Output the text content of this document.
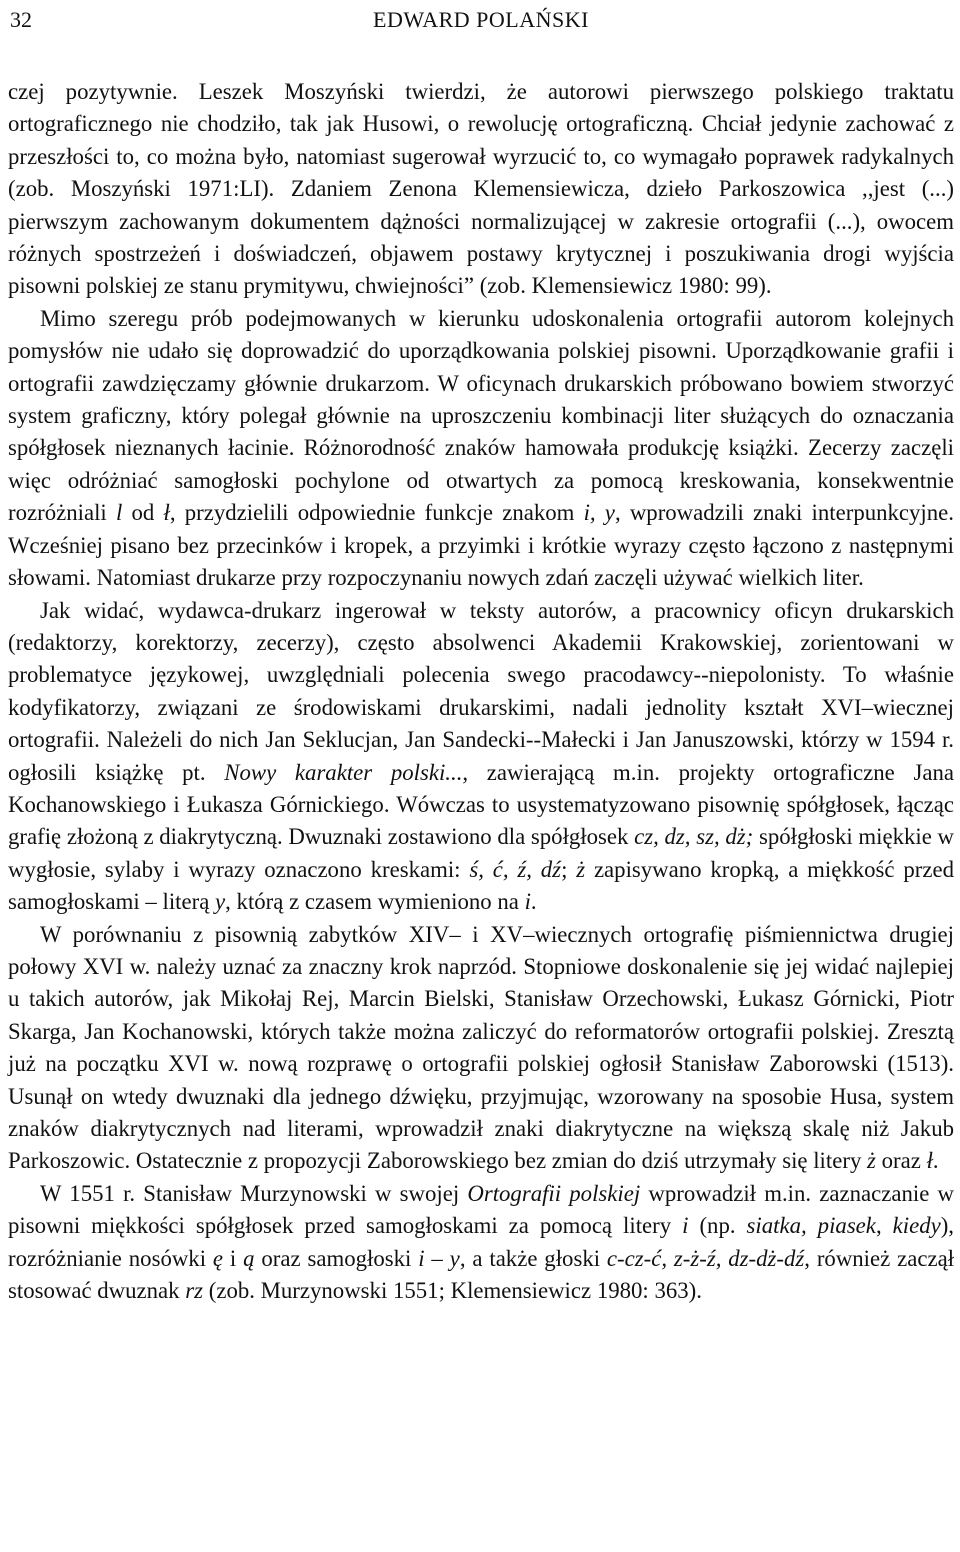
32	EDWARD POLAŃSKI

czej pozytywnie. Leszek Moszyński twierdzi, że autorowi pierwszego polskiego traktatu ortograficznego nie chodziło, tak jak Husowi, o rewolucję ortograficzną. Chciał jedynie zachować z przeszłości to, co można było, natomiast sugerował wyrzucić to, co wymagało poprawek radykalnych (zob. Moszyński 1971:LI). Zdaniem Zenona Klemensiewicza, dzieło Parkoszowica ,,jest (...) pierwszym zachowanym dokumentem dążności normalizującej w zakresie ortografii (...), owocem różnych spostrzeżeń i doświadczeń, objawem postawy krytycznej i poszukiwania drogi wyjścia pisowni polskiej ze stanu prymitywu, chwiejności” (zob. Klemensiewicz 1980: 99).

Mimo szeregu prób podejmowanych w kierunku udoskonalenia ortografii autorom kolejnych pomysłów nie udało się doprowadzić do uporządkowania polskiej pisowni. Uporządkowanie grafii i ortografii zawdzięczamy głównie drukarzom. W oficynach drukarskich próbowano bowiem stworzyć system graficzny, który polegał głównie na uproszczeniu kombinacji liter służących do oznaczania spółgłosek nieznanych łacinie. Różnorodność znaków hamowała produkcję książki. Zecerzy zaczęli więc odróżniać samogłoski pochylone od otwartych za pomocą kreskowania, konsekwentnie rozróżniali l od ł, przydzielili odpowiednie funkcje znakom i, y, wprowadzili znaki interpunkcyjne. Wcześniej pisano bez przecinków i kropek, a przyimki i krótkie wyrazy często łączono z następnymi słowami. Natomiast drukarze przy rozpoczynaniu nowych zdań zaczęli używać wielkich liter.

Jak widać, wydawca-drukarz ingerował w teksty autorów, a pracownicy oficyn drukarskich (redaktorzy, korektorzy, zecerzy), często absolwenci Akademii Krakowskiej, zorientowani w problematyce językowej, uwzględniali polecenia swego pracodawcy--niepolonisty. To właśnie kodyfikatorzy, związani ze środowiskami drukarskimi, nadali jednolity kształt XVI–wiecznej ortografii. Należeli do nich Jan Seklucjan, Jan Sandecki--Małecki i Jan Januszowski, którzy w 1594 r. ogłosili książkę pt. Nowy karakter polski..., zawierającą m.in. projekty ortograficzne Jana Kochanowskiego i Łukasza Górnickiego. Wówczas to usystematyzowano pisownię spółgłosek, łącząc grafię złożoną z diakrytyczną. Dwuznaki zostawiono dla spółgłosek cz, dz, sz, dż; spółgłoski miękkie w wygłosie, sylaby i wyrazy oznaczono kreskami: ś, ć, ź, dź; ż zapisywano kropką, a miękkość przed samogłoskami – literą y, którą z czasem wymieniono na i.

W porównaniu z pisownią zabytków XIV– i XV–wiecznych ortografię piśmiennictwa drugiej połowy XVI w. należy uznać za znaczny krok naprzód. Stopniowe doskonalenie się jej widać najlepiej u takich autorów, jak Mikołaj Rej, Marcin Bielski, Stanisław Orzechowski, Łukasz Górnicki, Piotr Skarga, Jan Kochanowski, których także można zaliczyć do reformatorów ortografii polskiej. Zresztą już na początku XVI w. nową rozprawę o ortografii polskiej ogłosił Stanisław Zaborowski (1513). Usunął on wtedy dwuznaki dla jednego dźwięku, przyjmując, wzorowany na sposobie Husa, system znaków diakrytycznych nad literami, wprowadził znaki diakrytyczne na większą skalę niż Jakub Parkoszowic. Ostatecznie z propozycji Zaborowskiego bez zmian do dziś utrzymały się litery ż oraz ł.

W 1551 r. Stanisław Murzynowski w swojej Ortografii polskiej wprowadził m.in. zaznaczanie w pisowni miękkości spółgłosek przed samogłoskami za pomocą litery i (np. siatka, piasek, kiedy), rozróżnianie nosówki ę i ą oraz samogłoski i – y, a także głoski c-cz-ć, z-ż-ź, dz-dż-dź, również zaczął stosować dwuznak rz (zob. Murzynowski 1551; Klemensiewicz 1980: 363).
